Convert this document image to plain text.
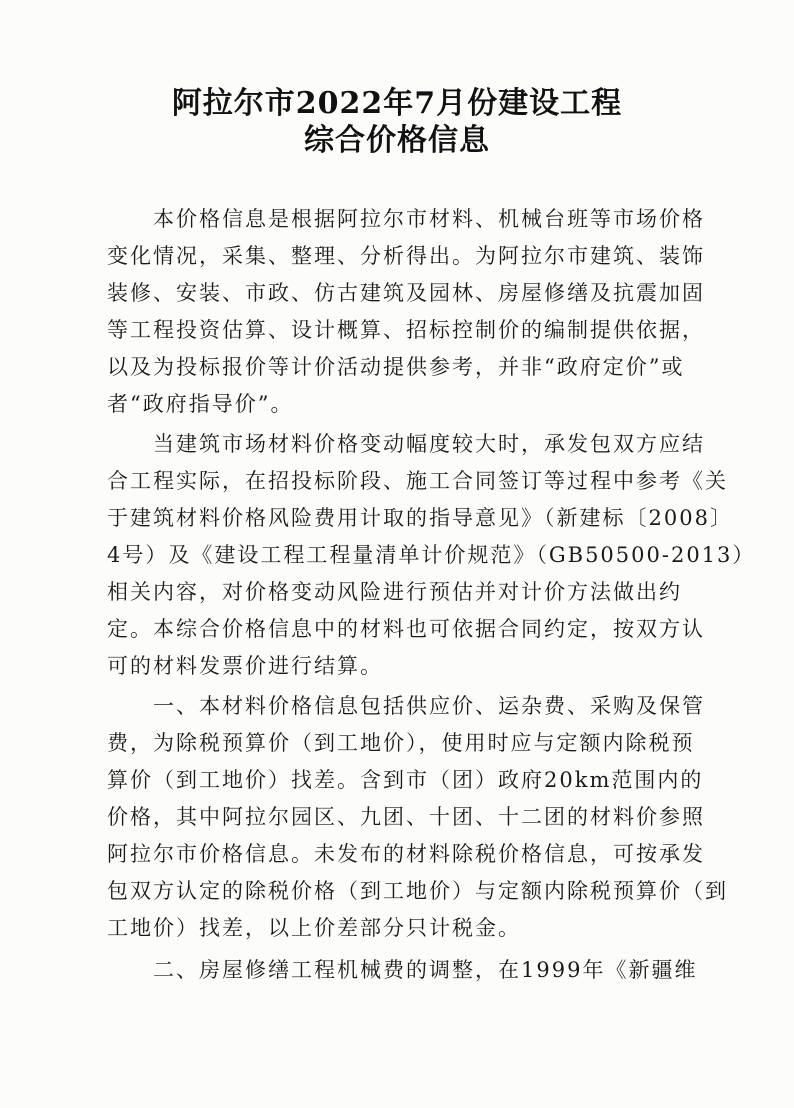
阿拉尔市2022年7月份建设工程
综合价格信息
　　本价格信息是根据阿拉尔市材料、机械台班等市场价格
变化情况，采集、整理、分析得出。为阿拉尔市建筑、装饰
装修、安装、市政、仿古建筑及园林、房屋修缮及抗震加固
等工程投资估算、设计概算、招标控制价的编制提供依据，
以及为投标报价等计价活动提供参考，并非“政府定价”或
者“政府指导价”。
　　当建筑市场材料价格变动幅度较大时，承发包双方应结
合工程实际，在招投标阶段、施工合同签订等过程中参考《关
于建筑材料价格风险费用计取的指导意见》（新建标〔2008〕
4号）及《建设工程工程量清单计价规范》（GB50500-2013）
相关内容，对价格变动风险进行预估并对计价方法做出约
定。本综合价格信息中的材料也可依据合同约定，按双方认
可的材料发票价进行结算。
　　一、本材料价格信息包括供应价、运杂费、采购及保管
费，为除税预算价（到工地价），使用时应与定额内除税预
算价（到工地价）找差。含到市（团）政府20km范围内的
价格，其中阿拉尔园区、九团、十团、十二团的材料价参照
阿拉尔市价格信息。未发布的材料除税价格信息，可按承发
包双方认定的除税价格（到工地价）与定额内除税预算价（到
工地价）找差，以上价差部分只计税金。
　　二、房屋修缮工程机械费的调整，在1999年《新疆维
